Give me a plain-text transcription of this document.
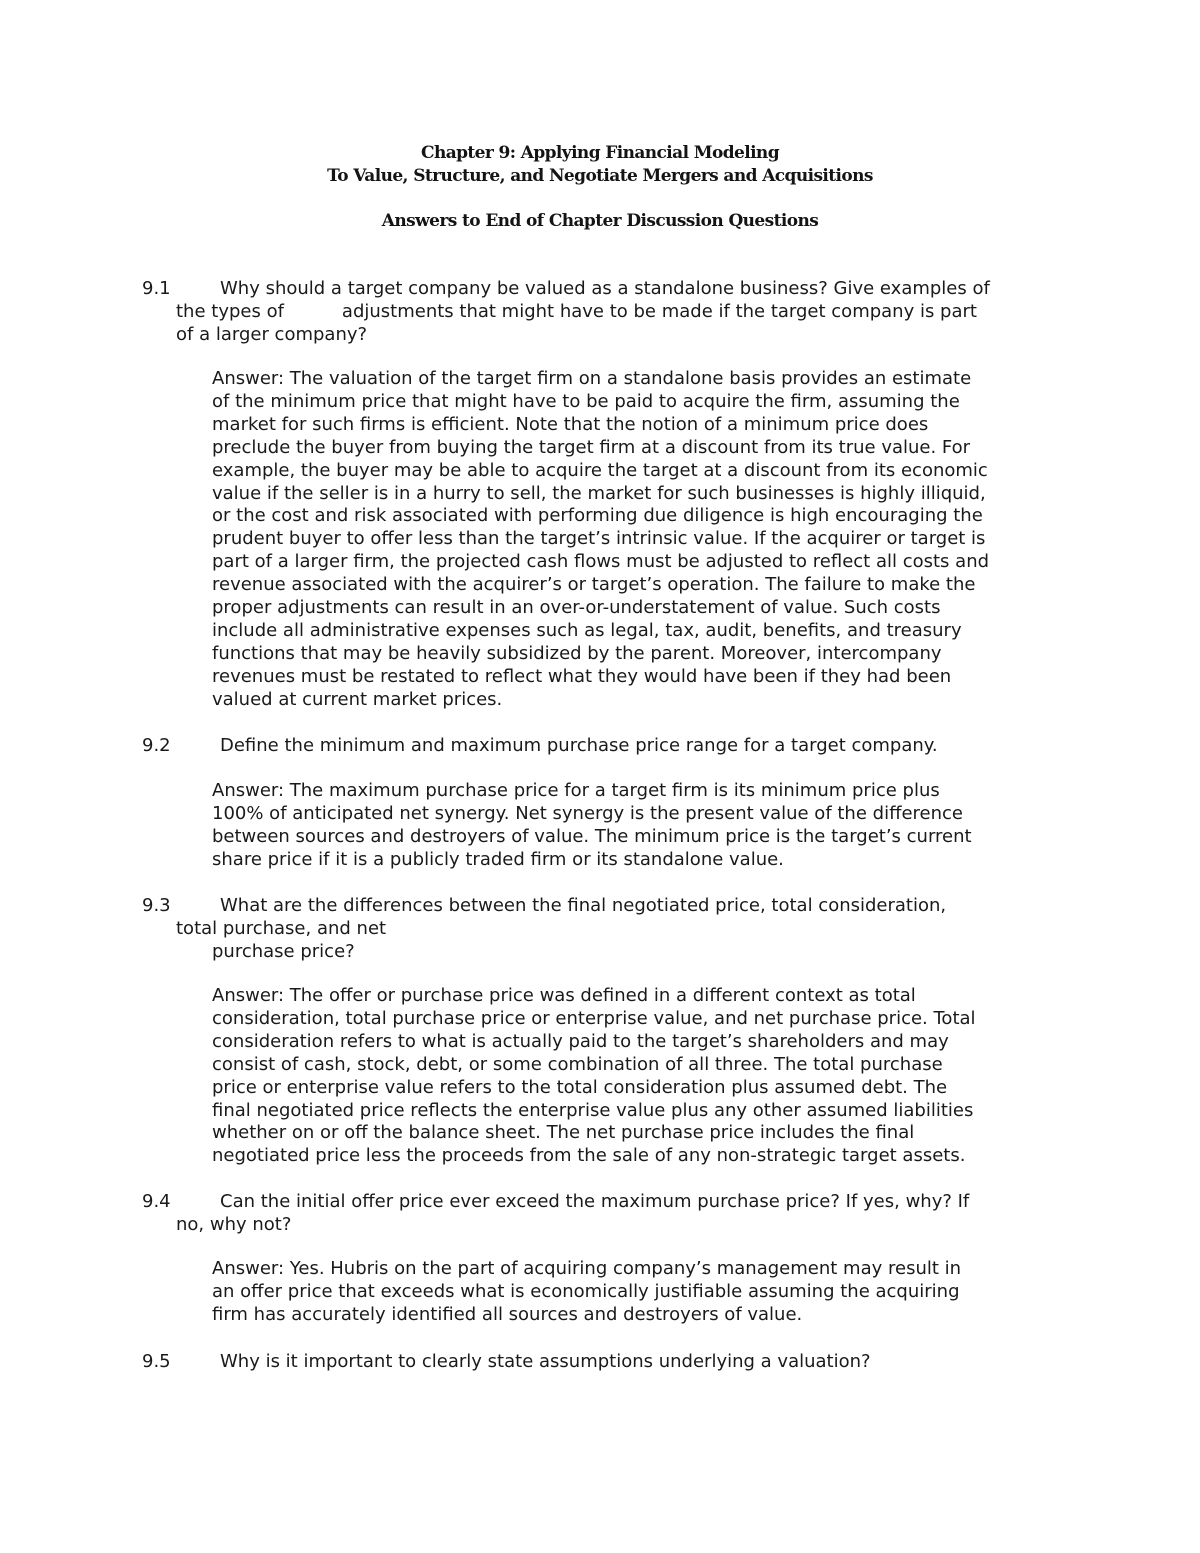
Chapter 9: Applying Financial Modeling
To Value, Structure, and Negotiate Mergers and Acquisitions
Answers to End of Chapter Discussion Questions
9.1	Why should a target company be valued as a standalone business? Give examples of
the types of	adjustments that might have to be made if the target company is part
of a larger company?
Answer: The valuation of the target firm on a standalone basis provides an estimate
of the minimum price that might have to be paid to acquire the firm, assuming the
market for such firms is efficient. Note that the notion of a minimum price does
preclude the buyer from buying the target firm at a discount from its true value. For
example, the buyer may be able to acquire the target at a discount from its economic
value if the seller is in a hurry to sell, the market for such businesses is highly illiquid,
or the cost and risk associated with performing due diligence is high encouraging the
prudent buyer to offer less than the target’s intrinsic value. If the acquirer or target is
part of a larger firm, the projected cash flows must be adjusted to reflect all costs and
revenue associated with the acquirer’s or target’s operation. The failure to make the
proper adjustments can result in an over-or-understatement of value. Such costs
include all administrative expenses such as legal, tax, audit, benefits, and treasury
functions that may be heavily subsidized by the parent. Moreover, intercompany
revenues must be restated to reflect what they would have been if they had been
valued at current market prices.
9.2	Define the minimum and maximum purchase price range for a target company.
Answer: The maximum purchase price for a target firm is its minimum price plus
100% of anticipated net synergy. Net synergy is the present value of the difference
between sources and destroyers of value. The minimum price is the target’s current
share price if it is a publicly traded firm or its standalone value.
9.3	What are the differences between the final negotiated price, total consideration,
total purchase, and net
purchase price?
Answer: The offer or purchase price was defined in a different context as total
consideration, total purchase price or enterprise value, and net purchase price. Total
consideration refers to what is actually paid to the target’s shareholders and may
consist of cash, stock, debt, or some combination of all three. The total purchase
price or enterprise value refers to the total consideration plus assumed debt. The
final negotiated price reflects the enterprise value plus any other assumed liabilities
whether on or off the balance sheet. The net purchase price includes the final
negotiated price less the proceeds from the sale of any non-strategic target assets.
9.4	Can the initial offer price ever exceed the maximum purchase price? If yes, why? If
no, why not?
Answer: Yes. Hubris on the part of acquiring company’s management may result in
an offer price that exceeds what is economically justifiable assuming the acquiring
firm has accurately identified all sources and destroyers of value.
9.5	Why is it important to clearly state assumptions underlying a valuation?
